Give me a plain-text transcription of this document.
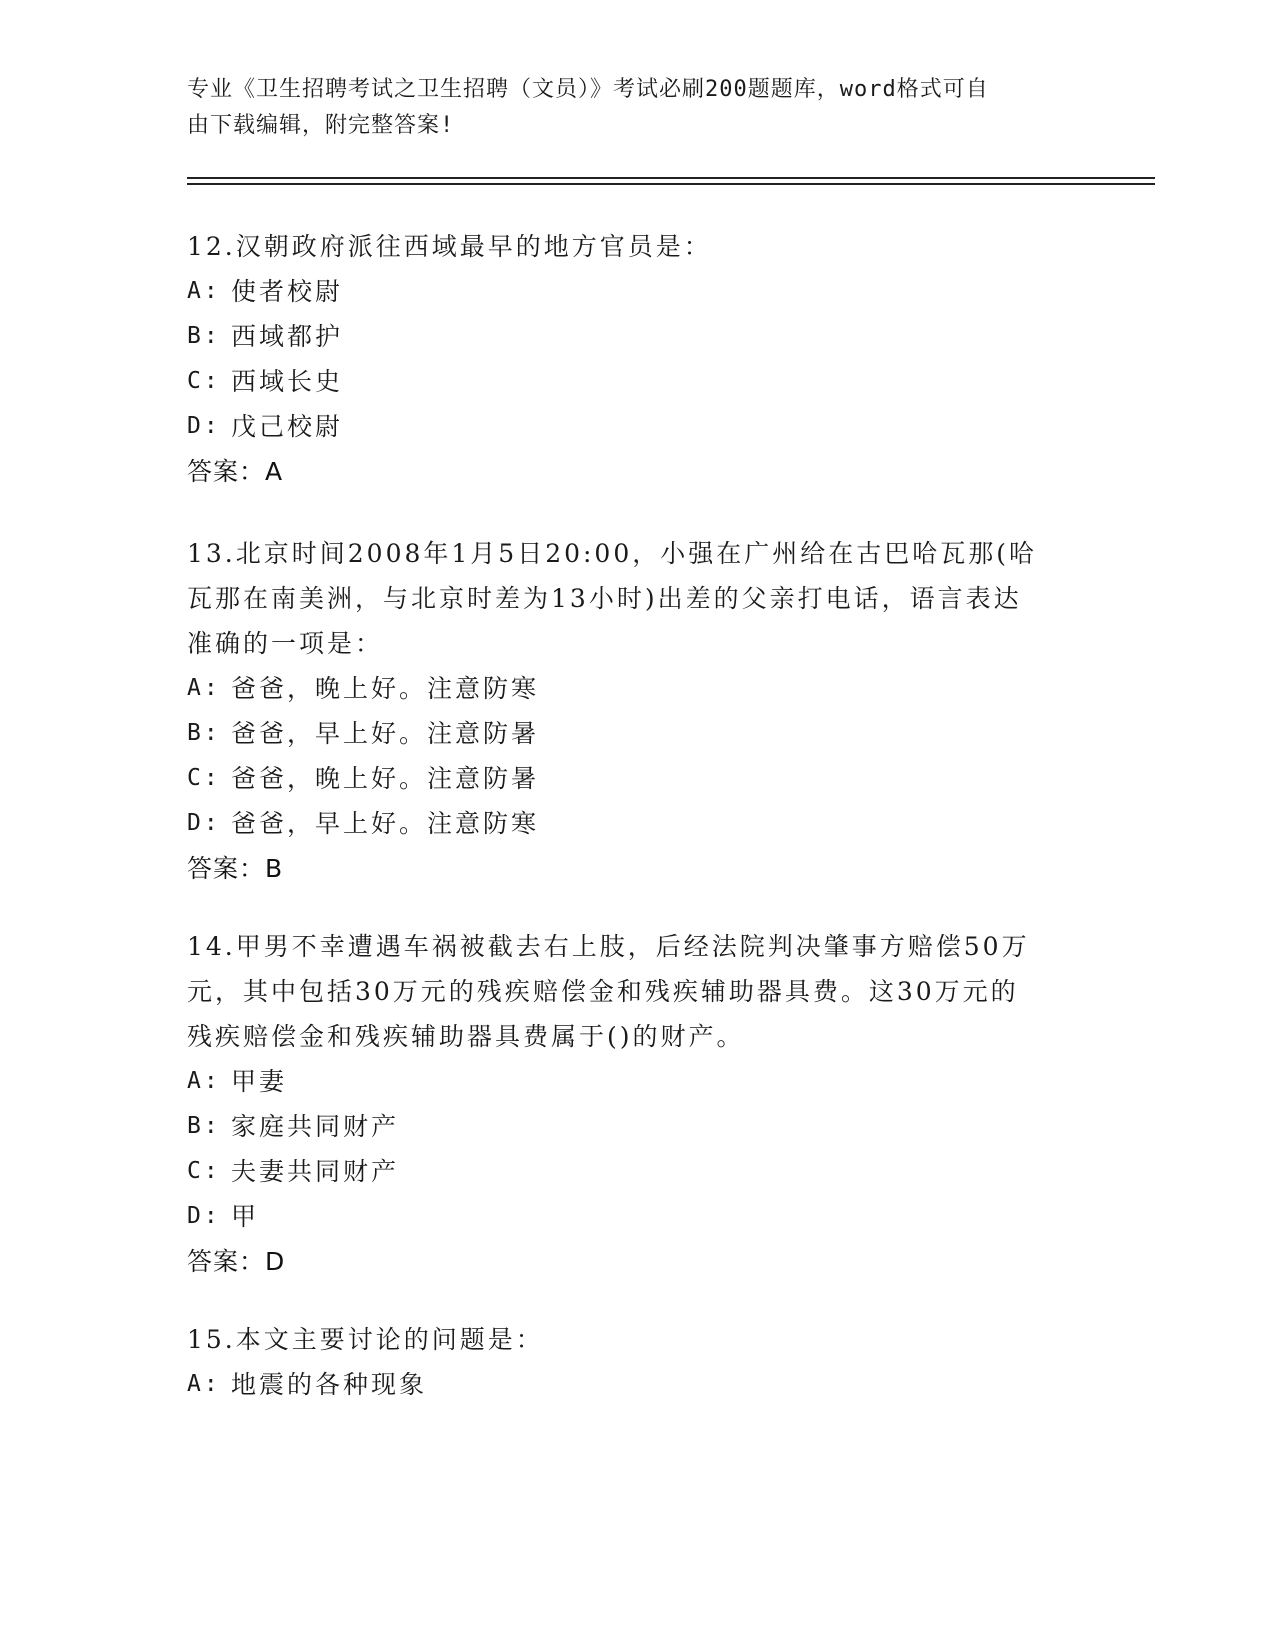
专业《卫生招聘考试之卫生招聘（文员）》考试必刷200题题库，word格式可自
由下载编辑，附完整答案!
12.汉朝政府派往西域最早的地方官员是：
A: 使者校尉
B: 西域都护
C: 西域长史
D: 戊己校尉
答案：A
13.北京时间2008年1月5日20:00，小强在广州给在古巴哈瓦那(哈
瓦那在南美洲，与北京时差为13小时)出差的父亲打电话，语言表达
准确的一项是：
A: 爸爸，晚上好。注意防寒
B: 爸爸，早上好。注意防暑
C: 爸爸，晚上好。注意防暑
D: 爸爸，早上好。注意防寒
答案：B
14.甲男不幸遭遇车祸被截去右上肢，后经法院判决肇事方赔偿50万
元，其中包括30万元的残疾赔偿金和残疾辅助器具费。这30万元的
残疾赔偿金和残疾辅助器具费属于()的财产。
A: 甲妻
B: 家庭共同财产
C: 夫妻共同财产
D: 甲
答案：D
15.本文主要讨论的问题是：
A: 地震的各种现象
